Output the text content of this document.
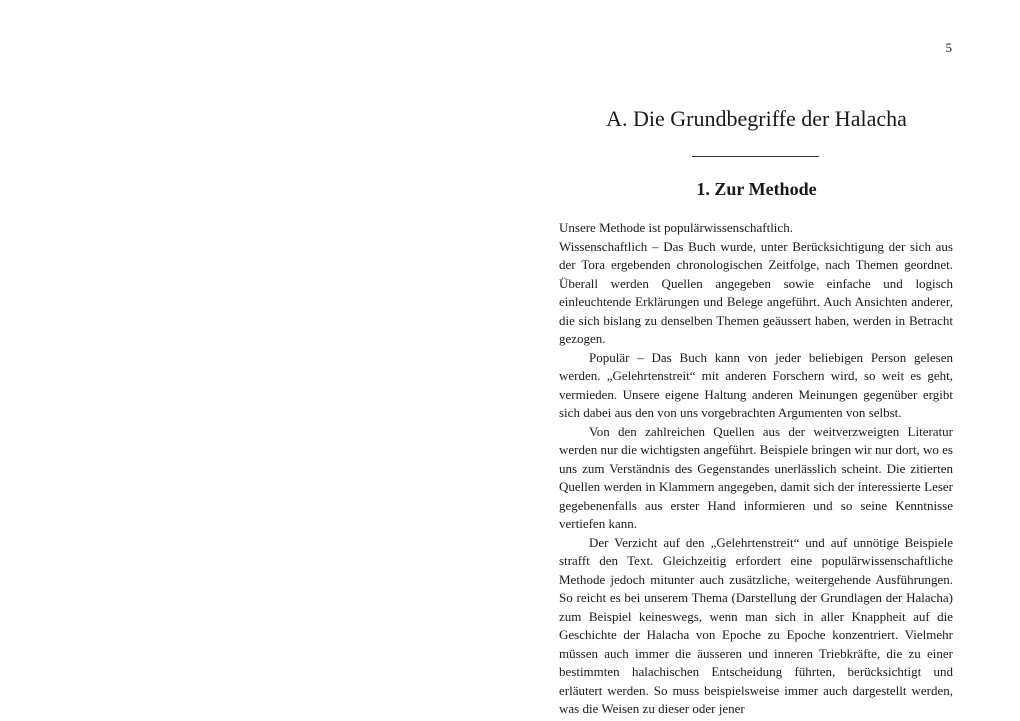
5
A. Die Grundbegriffe der Halacha
1. Zur Methode

Unsere Methode ist populärwissenschaftlich.

Wissenschaftlich – Das Buch wurde, unter Berücksichtigung der sich aus der Tora ergebenden chronologischen Zeitfolge, nach Themen geordnet. Überall werden Quellen angegeben sowie einfache und logisch einleuchtende Erklärungen und Belege angeführt. Auch Ansichten anderer, die sich bislang zu denselben Themen geäussert haben, werden in Betracht gezogen.

Populär – Das Buch kann von jeder beliebigen Person gelesen werden. „Gelehrtenstreit“ mit anderen Forschern wird, so weit es geht, vermieden. Unsere eigene Haltung anderen Meinungen gegenüber ergibt sich dabei aus den von uns vorgebrachten Argumenten von selbst.

Von den zahlreichen Quellen aus der weitverzweigten Literatur werden nur die wichtigsten angeführt. Beispiele bringen wir nur dort, wo es uns zum Verständnis des Gegenstandes unerlässlich scheint. Die zitierten Quellen werden in Klammern angegeben, damit sich der interessierte Leser gegebenenfalls aus erster Hand informieren und so seine Kenntnisse vertiefen kann.

Der Verzicht auf den „Gelehrtenstreit“ und auf unnötige Beispiele strafft den Text. Gleichzeitig erfordert eine populärwissenschaftliche Methode jedoch mitunter auch zusätzliche, weitergehende Ausführungen. So reicht es bei unserem Thema (Darstellung der Grundlagen der Halacha) zum Beispiel keineswegs, wenn man sich in aller Knappheit auf die Geschichte der Halacha von Epoche zu Epoche konzentriert. Vielmehr müssen auch immer die äusseren und inneren Triebkräfte, die zu einer bestimmten halachischen Entscheidung führten, berücksichtigt und erläutert werden. So muss beispielsweise immer auch dargestellt werden, was die Weisen zu dieser oder jener
